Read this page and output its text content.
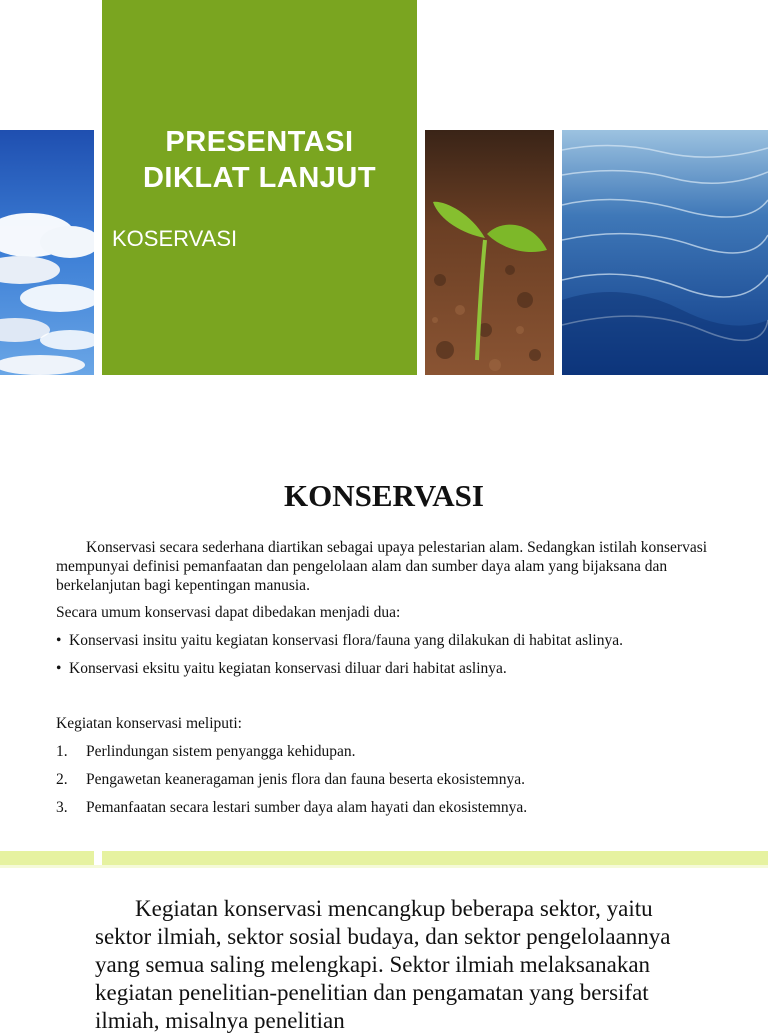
PRESENTASI
DIKLAT LANJUT
KOSERVASI
KONSERVASI
Konservasi secara sederhana diartikan sebagai upaya pelestarian alam. Sedangkan istilah konservasi mempunyai definisi pemanfaatan dan pengelolaan alam dan sumber daya alam yang bijaksana dan berkelanjutan bagi kepentingan manusia.
Secara umum konservasi dapat dibedakan menjadi dua:
• Konservasi insitu yaitu kegiatan konservasi flora/fauna yang dilakukan di habitat aslinya.
• Konservasi eksitu yaitu kegiatan konservasi diluar dari habitat aslinya.
Kegiatan konservasi meliputi:
1. Perlindungan sistem penyangga kehidupan.
2. Pengawetan keaneragaman jenis flora dan fauna beserta ekosistemnya.
3. Pemanfaatan secara lestari sumber daya alam hayati dan ekosistemnya.

Kegiatan konservasi mencangkup beberapa sektor, yaitu sektor ilmiah, sektor sosial budaya, dan sektor pengelolaannya yang semua saling melengkapi. Sektor ilmiah melaksanakan kegiatan penelitian-penelitian dan pengamatan yang bersifat ilmiah, misalnya penelitian
